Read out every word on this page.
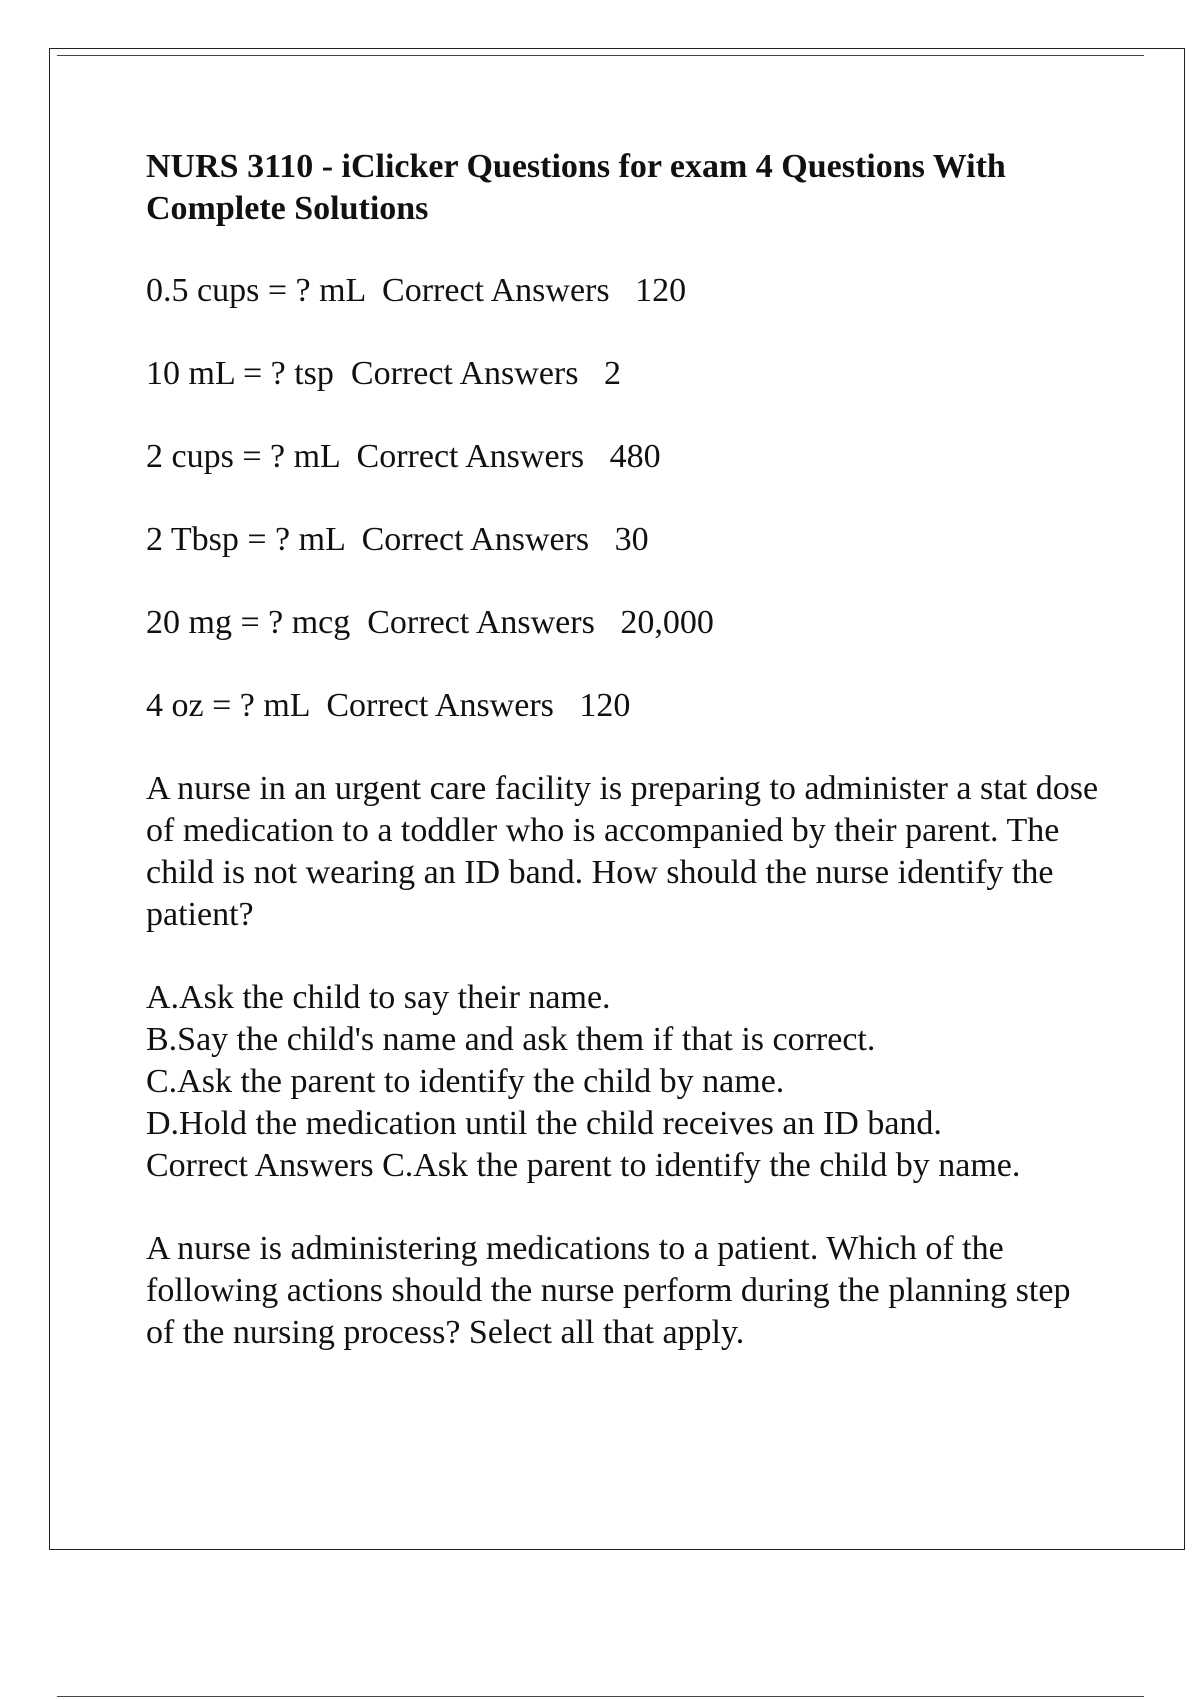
NURS 3110 - iClicker Questions for exam 4 Questions With Complete Solutions
0.5 cups = ? mL Correct Answers 120
10 mL = ? tsp Correct Answers 2
2 cups = ? mL Correct Answers 480
2 Tbsp = ? mL Correct Answers 30
20 mg = ? mcg Correct Answers 20,000
4 oz = ? mL Correct Answers 120
A nurse in an urgent care facility is preparing to administer a stat dose of medication to a toddler who is accompanied by their parent. The child is not wearing an ID band. How should the nurse identify the patient?
A.Ask the child to say their name.
B.Say the child's name and ask them if that is correct.
C.Ask the parent to identify the child by name.
D.Hold the medication until the child receives an ID band.
Correct Answers C.Ask the parent to identify the child by name.
A nurse is administering medications to a patient. Which of the following actions should the nurse perform during the planning step of the nursing process? Select all that apply.
